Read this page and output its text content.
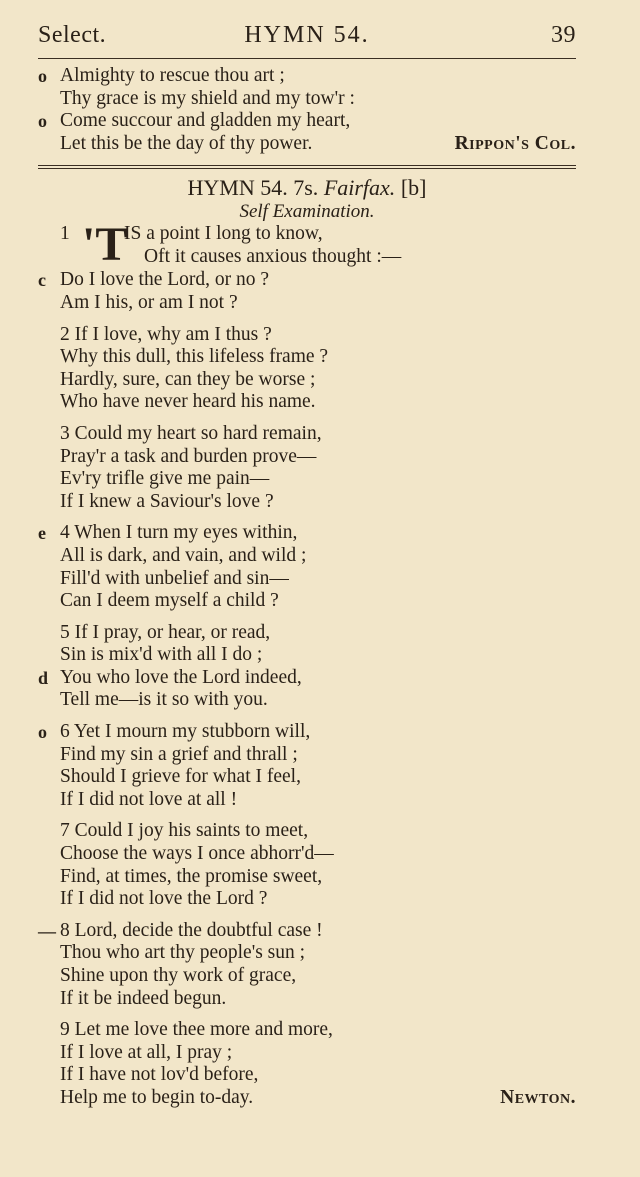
Select.	HYMN 54.	39
o Almighty to rescue thou art ;
Thy grace is my shield and my tow'r :
o Come succour and gladden my heart,
Let this be the day of thy power.	Rippon's Col.
HYMN 54. 7s. Fairfax. [b]
Self Examination.
1 'T
IS a point I long to know,
Oft it causes anxious thought :—
c Do I love the Lord, or no ?
Am I his, or am I not ?
2 If I love, why am I thus ?
Why this dull, this lifeless frame ?
Hardly, sure, can they be worse ;
Who have never heard his name.
3 Could my heart so hard remain,
Pray'r a task and burden prove—
Ev'ry trifle give me pain—
If I knew a Saviour's love ?
e 4 When I turn my eyes within,
All is dark, and vain, and wild ;
Fill'd with unbelief and sin—
Can I deem myself a child ?
5 If I pray, or hear, or read,
Sin is mix'd with all I do ;
d You who love the Lord indeed,
Tell me—is it so with you.
o 6 Yet I mourn my stubborn will,
Find my sin a grief and thrall ;
Should I grieve for what I feel,
If I did not love at all !
7 Could I joy his saints to meet,
Choose the ways I once abhorr'd—
Find, at times, the promise sweet,
If I did not love the Lord ?
— 8 Lord, decide the doubtful case !
Thou who art thy people's sun ;
Shine upon thy work of grace,
If it be indeed begun.
9 Let me love thee more and more,
If I love at all, I pray ;
If I have not lov'd before,
Help me to begin to-day.	Newton.
